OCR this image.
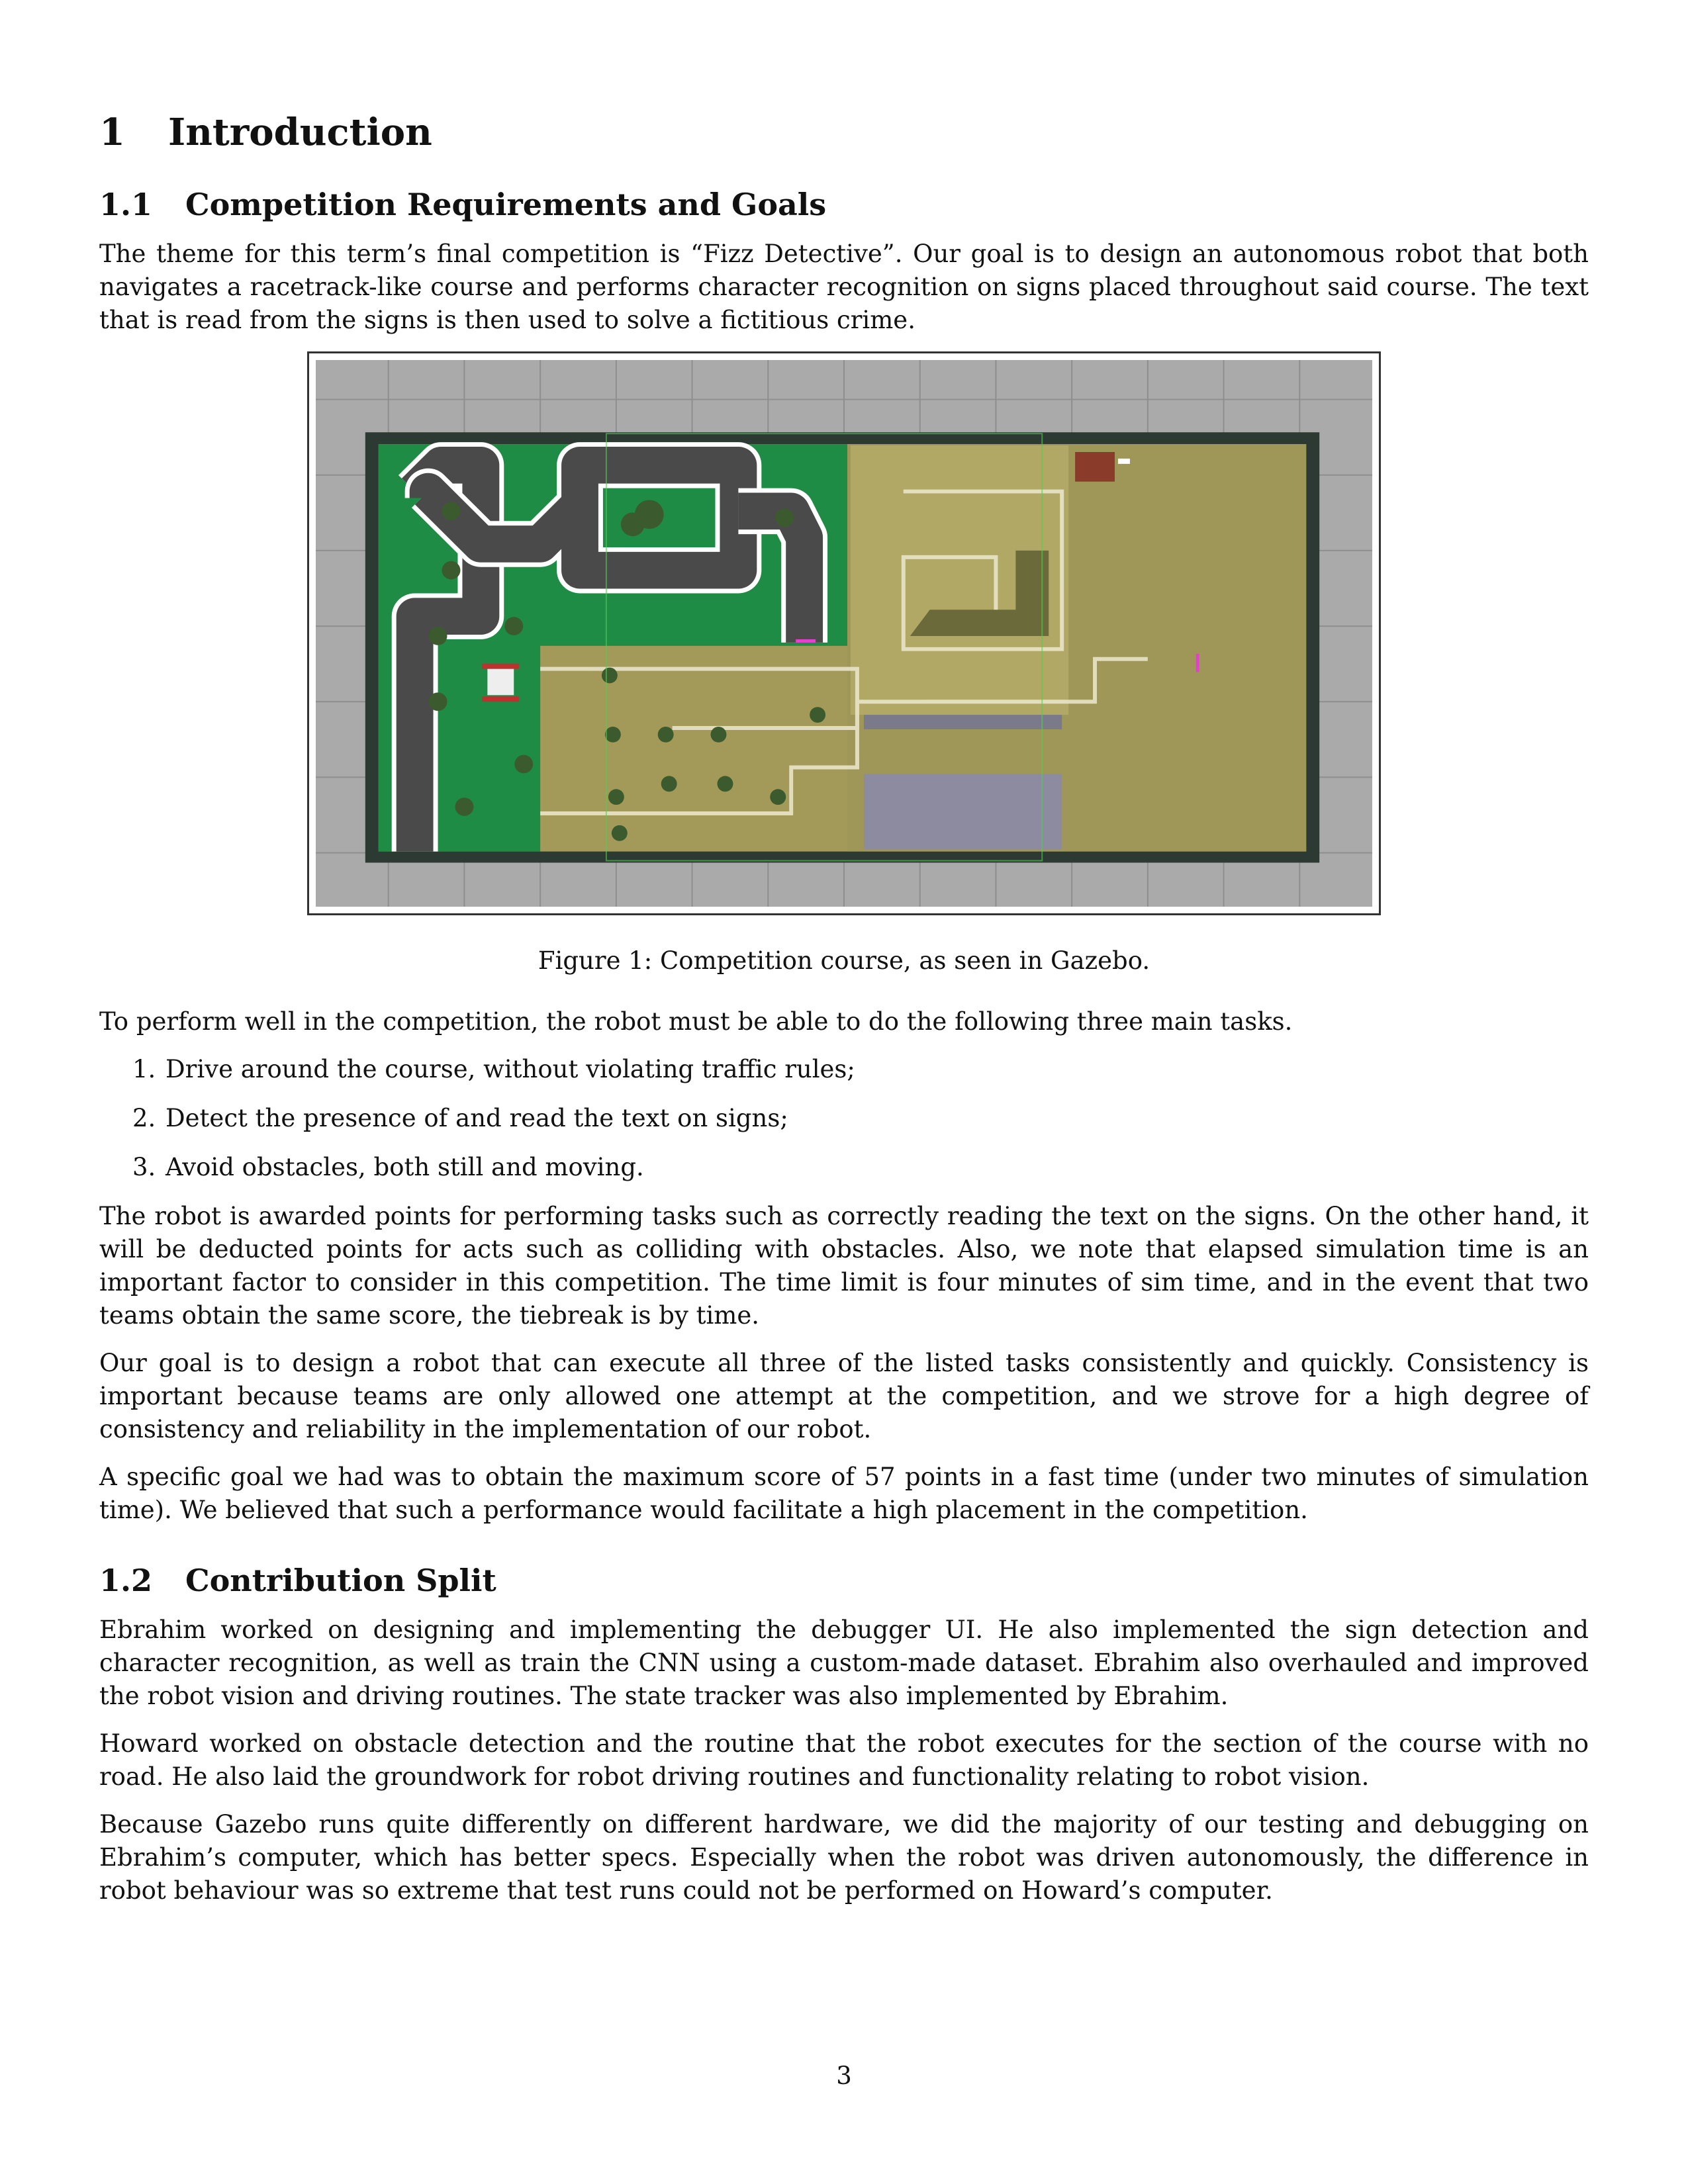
1 Introduction
1.1 Competition Requirements and Goals

The theme for this term’s final competition is “Fizz Detective”. Our goal is to design an autonomous robot that both navigates a racetrack-like course and performs character recognition on signs placed throughout said course. The text that is read from the signs is then used to solve a fictitious crime.

Figure 1: Competition course, as seen in Gazebo.

To perform well in the competition, the robot must be able to do the following three main tasks.

1. Drive around the course, without violating traffic rules;
2. Detect the presence of and read the text on signs;
3. Avoid obstacles, both still and moving.

The robot is awarded points for performing tasks such as correctly reading the text on the signs. On the other hand, it will be deducted points for acts such as colliding with obstacles. Also, we note that elapsed simulation time is an important factor to consider in this competition. The time limit is four minutes of sim time, and in the event that two teams obtain the same score, the tiebreak is by time.

Our goal is to design a robot that can execute all three of the listed tasks consistently and quickly. Consistency is important because teams are only allowed one attempt at the competition, and we strove for a high degree of consistency and reliability in the implementation of our robot.

A specific goal we had was to obtain the maximum score of 57 points in a fast time (under two minutes of simulation time). We believed that such a performance would facilitate a high placement in the competition.

1.2 Contribution Split

Ebrahim worked on designing and implementing the debugger UI. He also implemented the sign detection and character recognition, as well as train the CNN using a custom-made dataset. Ebrahim also overhauled and improved the robot vision and driving routines. The state tracker was also implemented by Ebrahim.

Howard worked on obstacle detection and the routine that the robot executes for the section of the course with no road. He also laid the groundwork for robot driving routines and functionality relating to robot vision.

Because Gazebo runs quite differently on different hardware, we did the majority of our testing and debugging on Ebrahim’s computer, which has better specs. Especially when the robot was driven autonomously, the difference in robot behaviour was so extreme that test runs could not be performed on Howard’s computer.

3
